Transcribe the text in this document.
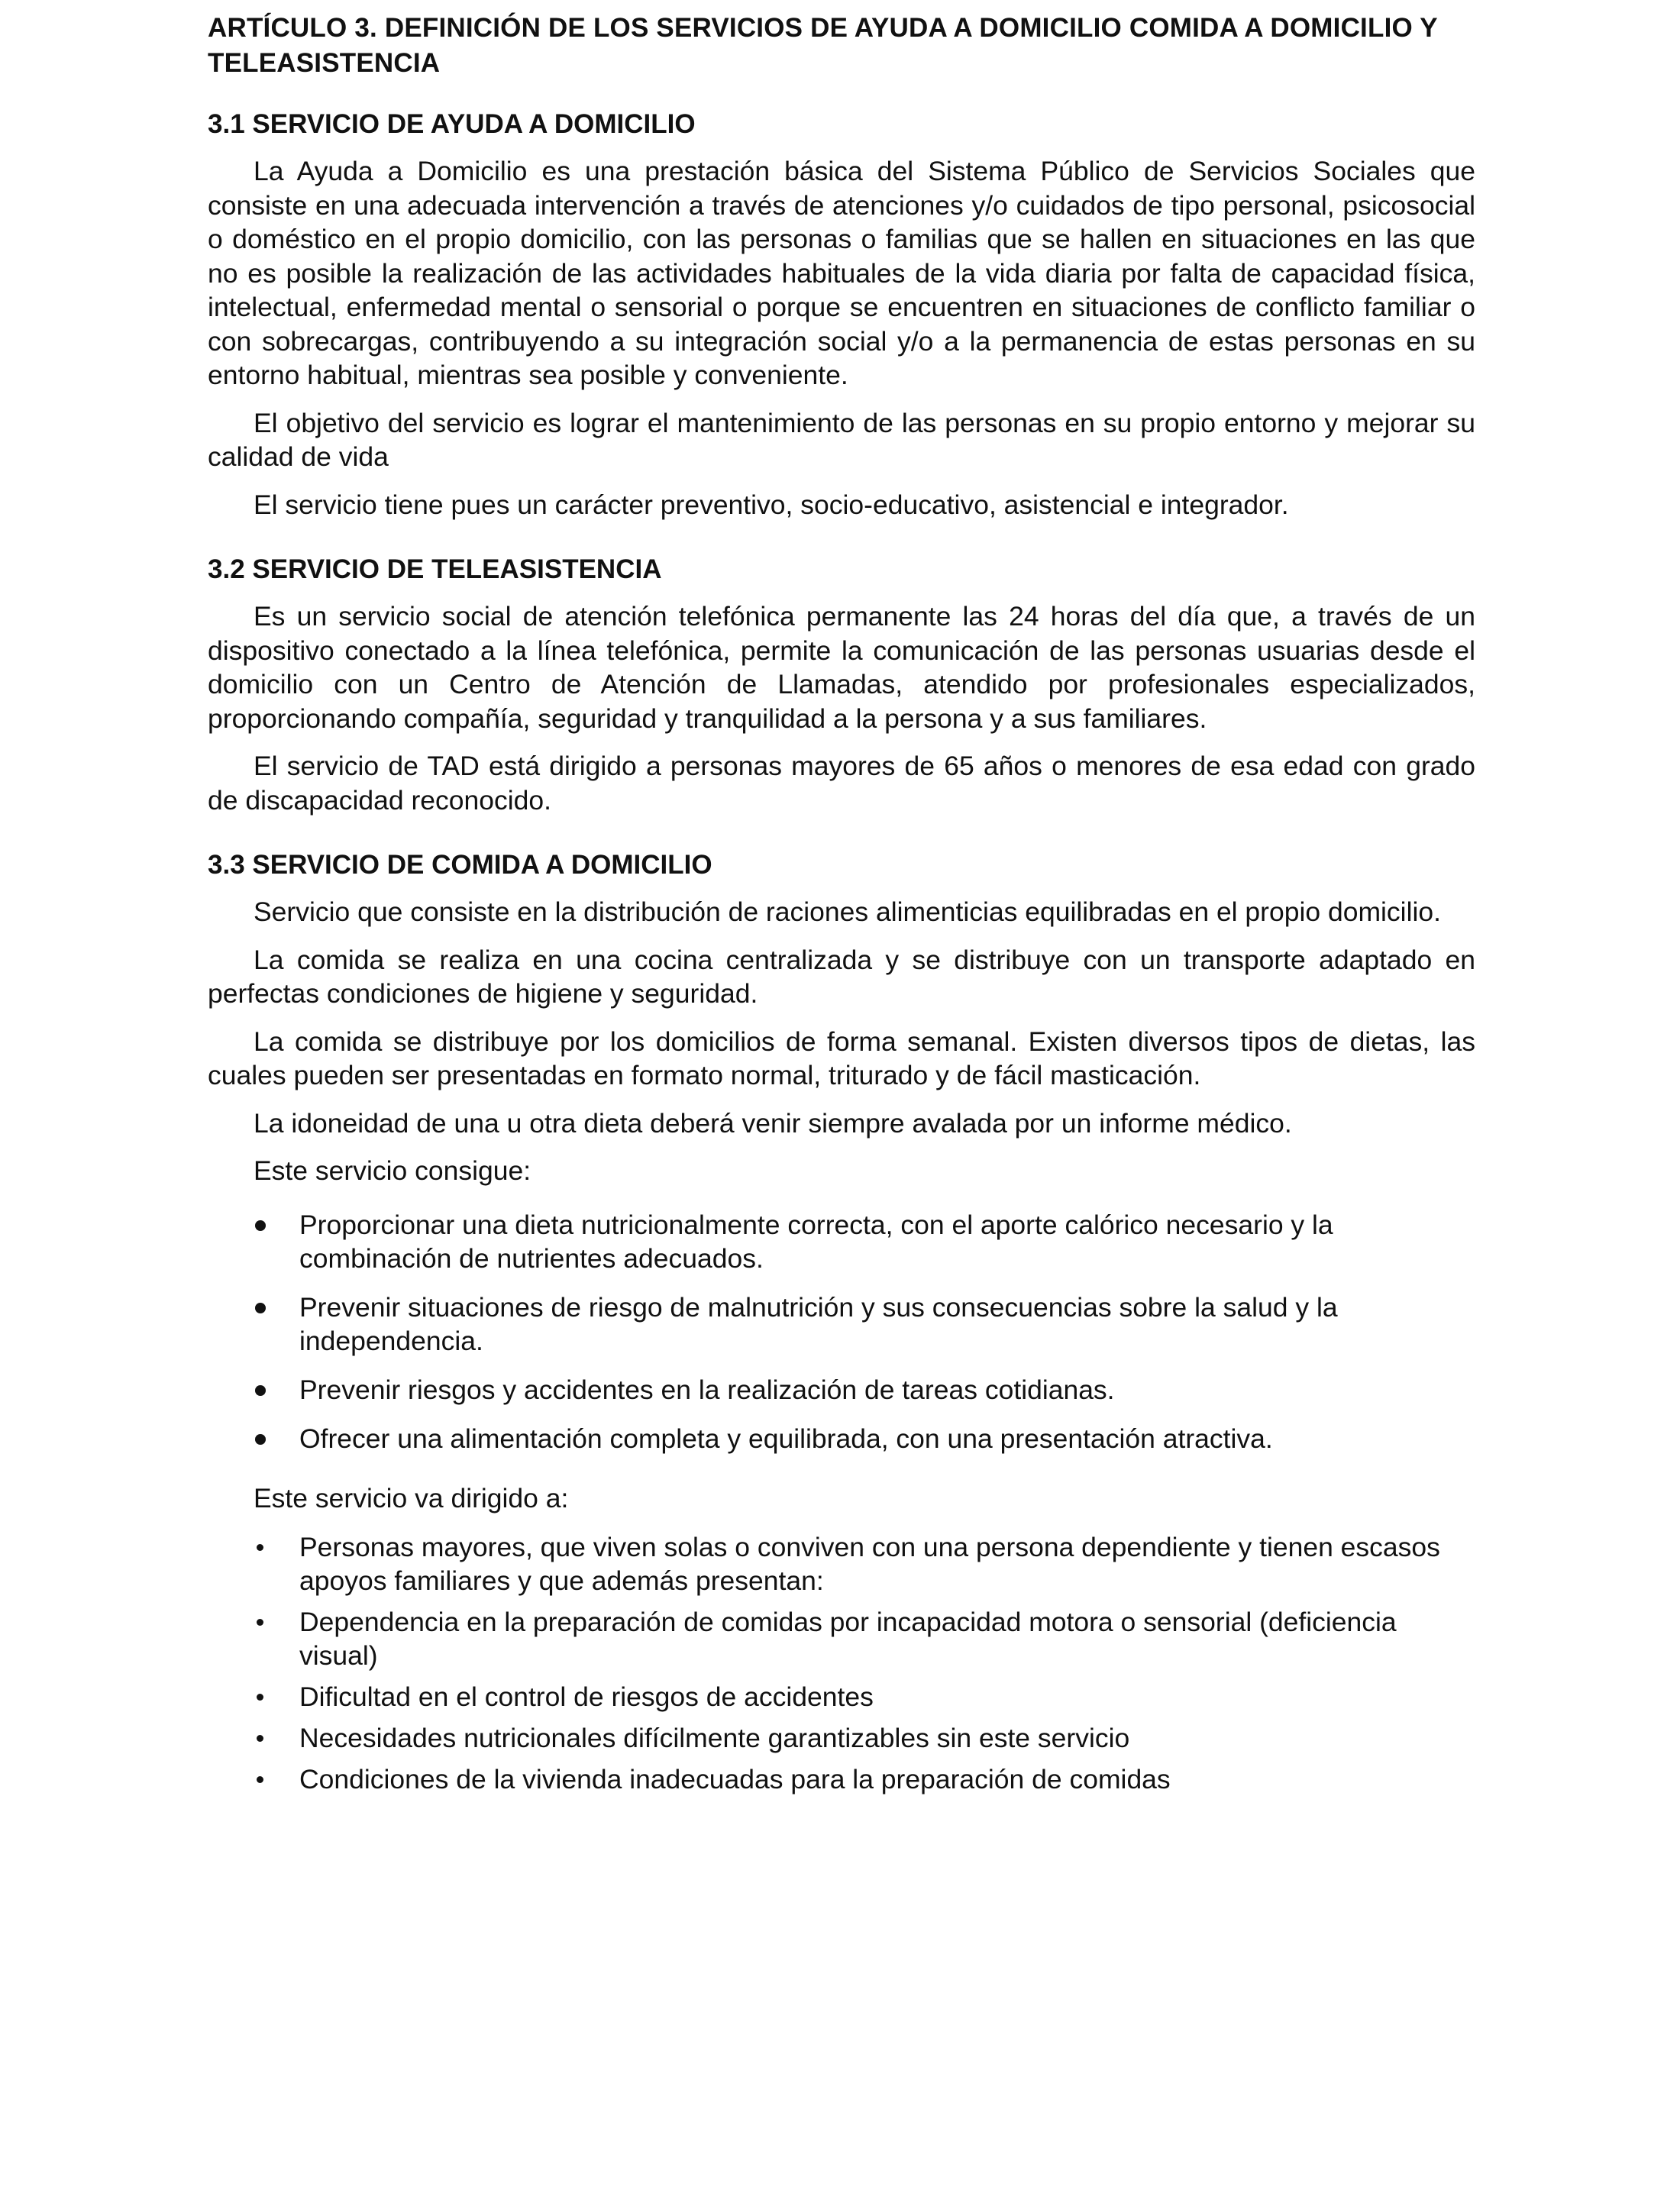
ARTÍCULO 3. DEFINICIÓN DE LOS SERVICIOS DE AYUDA A DOMICILIO COMIDA A DOMICILIO Y TELEASISTENCIA
3.1 SERVICIO DE AYUDA A DOMICILIO

La Ayuda a Domicilio es una prestación básica del Sistema Público de Servicios Sociales que consiste en una adecuada intervención a través de atenciones y/o cuidados de tipo personal, psicosocial o doméstico en el propio domicilio, con las personas o familias que se hallen en situaciones en las que no es posible la realización de las actividades habituales de la vida diaria por falta de capacidad física, intelectual, enfermedad mental o sensorial o porque se encuentren en situaciones de conflicto familiar o con sobrecargas, contribuyendo a su integración social y/o a la permanencia de estas personas en su entorno habitual, mientras sea posible y conveniente.

El objetivo del servicio es lograr el mantenimiento de las personas en su propio entorno y mejorar su calidad de vida

El servicio tiene pues un carácter preventivo, socio-educativo, asistencial e integrador.

3.2 SERVICIO DE TELEASISTENCIA

Es un servicio social de atención telefónica permanente las 24 horas del día que, a través de un dispositivo conectado a la línea telefónica, permite la comunicación de las personas usuarias desde el domicilio con un Centro de Atención de Llamadas, atendido por profesionales especializados, proporcionando compañía, seguridad y tranquilidad a la persona y a sus familiares.

El servicio de TAD está dirigido a personas mayores de 65 años o menores de esa edad con grado de discapacidad reconocido.

3.3 SERVICIO DE COMIDA A DOMICILIO

Servicio que consiste en la distribución de raciones alimenticias equilibradas en el propio domicilio.

La comida se realiza en una cocina centralizada y se distribuye con un transporte adaptado en perfectas condiciones de higiene y seguridad.

La comida se distribuye por los domicilios de forma semanal. Existen diversos tipos de dietas, las cuales pueden ser presentadas en formato normal, triturado y de fácil masticación.

La idoneidad de una u otra dieta deberá venir siempre avalada por un informe médico.

Este servicio consigue:

Proporcionar una dieta nutricionalmente correcta, con el aporte calórico necesario y la combinación de nutrientes adecuados.
Prevenir situaciones de riesgo de malnutrición y sus consecuencias sobre la salud y la independencia.
Prevenir riesgos y accidentes en la realización de tareas cotidianas.
Ofrecer una alimentación completa y equilibrada, con una presentación atractiva.

Este servicio va dirigido a:

Personas mayores, que viven solas o conviven con una persona dependiente y tienen escasos apoyos familiares y que además presentan:
Dependencia en la preparación de comidas por incapacidad motora o sensorial (deficiencia visual)
Dificultad en el control de riesgos de accidentes
Necesidades nutricionales difícilmente garantizables sin este servicio
Condiciones de la vivienda inadecuadas para la preparación de comidas
